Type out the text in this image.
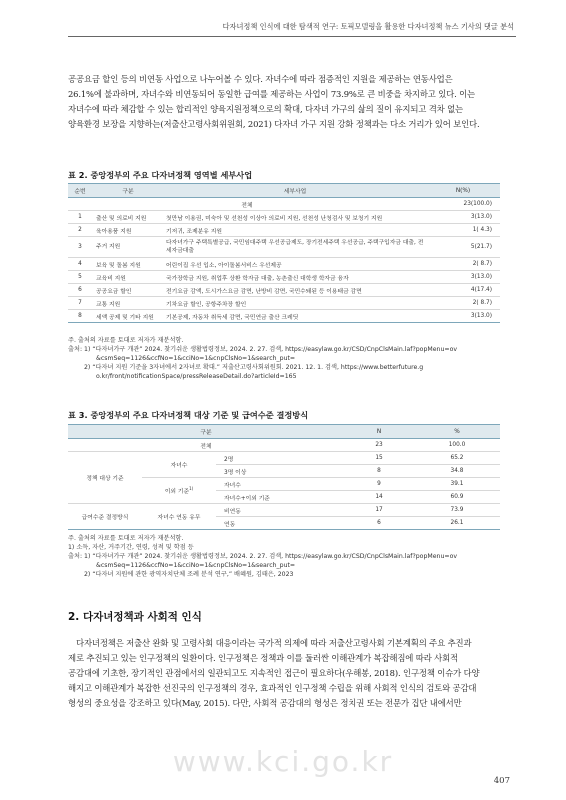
다자녀정책 인식에 대한 탐색적 연구: 토픽모델링을 활용한 다자녀정책 뉴스 기사의 댓글 분석
공공요금 할인 등의 비연동 사업으로 나누어볼 수 있다. 자녀수에 따라 점증적인 지원을 제공하는 연동사업은
26.1%에 불과하며, 자녀수와 비연동되어 동일한 급여를 제공하는 사업이 73.9%로 큰 비중을 차지하고 있다. 이는
자녀수에 따라 체감할 수 있는 합리적인 양육지원정책으로의 확대, 다자녀 가구의 삶의 질이 유지되고 격차 없는
양육환경 보장을 지향하는(저출산고령사회위원회, 2021) 다자녀 가구 지원 강화 정책과는 다소 거리가 있어 보인다.
표 2. 중앙정부의 주요 다자녀정책 영역별 세부사업
순번	구분	세부사업	N(%)
전체			23(100.0)
1	출산 및 의료비 지원	첫만남 이용권, 미숙아 및 선천성 이상아 의료비 지원, 선천성 난청검사 및 보청기 지원	3(13.0)
2	육아용품 지원	기저귀, 조제분유 지원	1( 4.3)
3	주거 지원	다자녀가구 주택특별공급, 국민임대주택 우선공급제도, 장기전세주택 우선공급, 주택구입자금 대출, 전세자금대출	5(21.7)
4	보육 및 돌봄 지원	어린이집 우선 입소, 아이돌봄서비스 우선제공	2( 8.7)
5	교육비 지원	국가장학금 지원, 취업후 상환 학자금 대출, 농촌출신 대학생 학자금 융자	3(13.0)
6	공공요금 할인	전기요금 감액, 도시가스요금 감면, 난방비 감면, 국민수돼된 등 이용태금 감면	4(17.4)
7	교통 지원	기차요금 할인, 공항주차장 할인	2( 8.7)
8	세액 공제 및 기타 지원	기본공제, 자동차 취득세 감면, 국민연금 출산 크레딧	3(13.0)
주. 출처의 자료를 토대로 저자가 재분석함.
출처: 1) “다자녀가구 개관” 2024. 찾기쉬운 생활법령정보, 2024. 2. 27. 검색, https://easylaw.go.kr/CSD/CnpClsMain.laf?popMenu=ov
&csmSeq=1126&ccfNo=1&cciNo=1&cnpClsNo=1&search_put=
2) “다자녀 지원 기준을 3자녀에서 2자녀로 확대.” 저출산고령사회위원회. 2021. 12. 1. 검색, https://www.betterfuture.g
o.kr/front/notificationSpace/pressReleaseDetail.do?articleId=165
표 3. 중앙정부의 주요 다자녀정책 대상 기준 및 급여수준 결정방식
구분			N	%
전체			23	100.0
정책 대상 기준	자녀수	2명	15	65.2
		3명 이상	8	34.8
	이외 기준$^{1)}$	자녀수	9	39.1
		자녀수+이외 기준	14	60.9
급여수준 결정방식	자녀수 연동 유무	비연동	17	73.9
		연동	6	26.1
주. 출처의 자료를 토대로 저자가 재분석함.
1) 소득, 자산, 거주기간, 연령, 성적 및 학점 등
출처: 1) “다자녀가구 개관” 2024. 찾기쉬운 생활법령정보, 2024. 2. 27. 검색, https://easylaw.go.kr/CSD/CnpClsMain.laf?popMenu=ov
&csmSeq=1126&ccfNo=1&cciNo=1&cnpClsNo=1&search_put=
2) “다자녀 지원에 관한 광역자치단체 조례 분석 연구,” 배혜원, 김태은, 2023
2. 다자녀정책과 사회적 인식
다자녀정책은 저출산 완화 및 고령사회 대응이라는 국가적 의제에 따라 저출산고령사회 기본계획의 주요 추진과
제로 추진되고 있는 인구정책의 일환이다. 인구정책은 정책과 이를 둘러싼 이해관계가 복잡해짐에 따라 사회적
공감대에 기초한, 장기적인 관점에서의 일관되고도 지속적인 접근이 필요하다(우해봉, 2018). 인구정책 이슈가 다양
해지고 이해관계가 복잡한 선진국의 인구정책의 경우, 효과적인 인구정책 수립을 위해 사회적 인식의 검토와 공감대
형성의 중요성을 강조하고 있다(May, 2015). 다만, 사회적 공감대의 형성은 정치권 또는 전문가 집단 내에서만
www.kci.go.kr
407
